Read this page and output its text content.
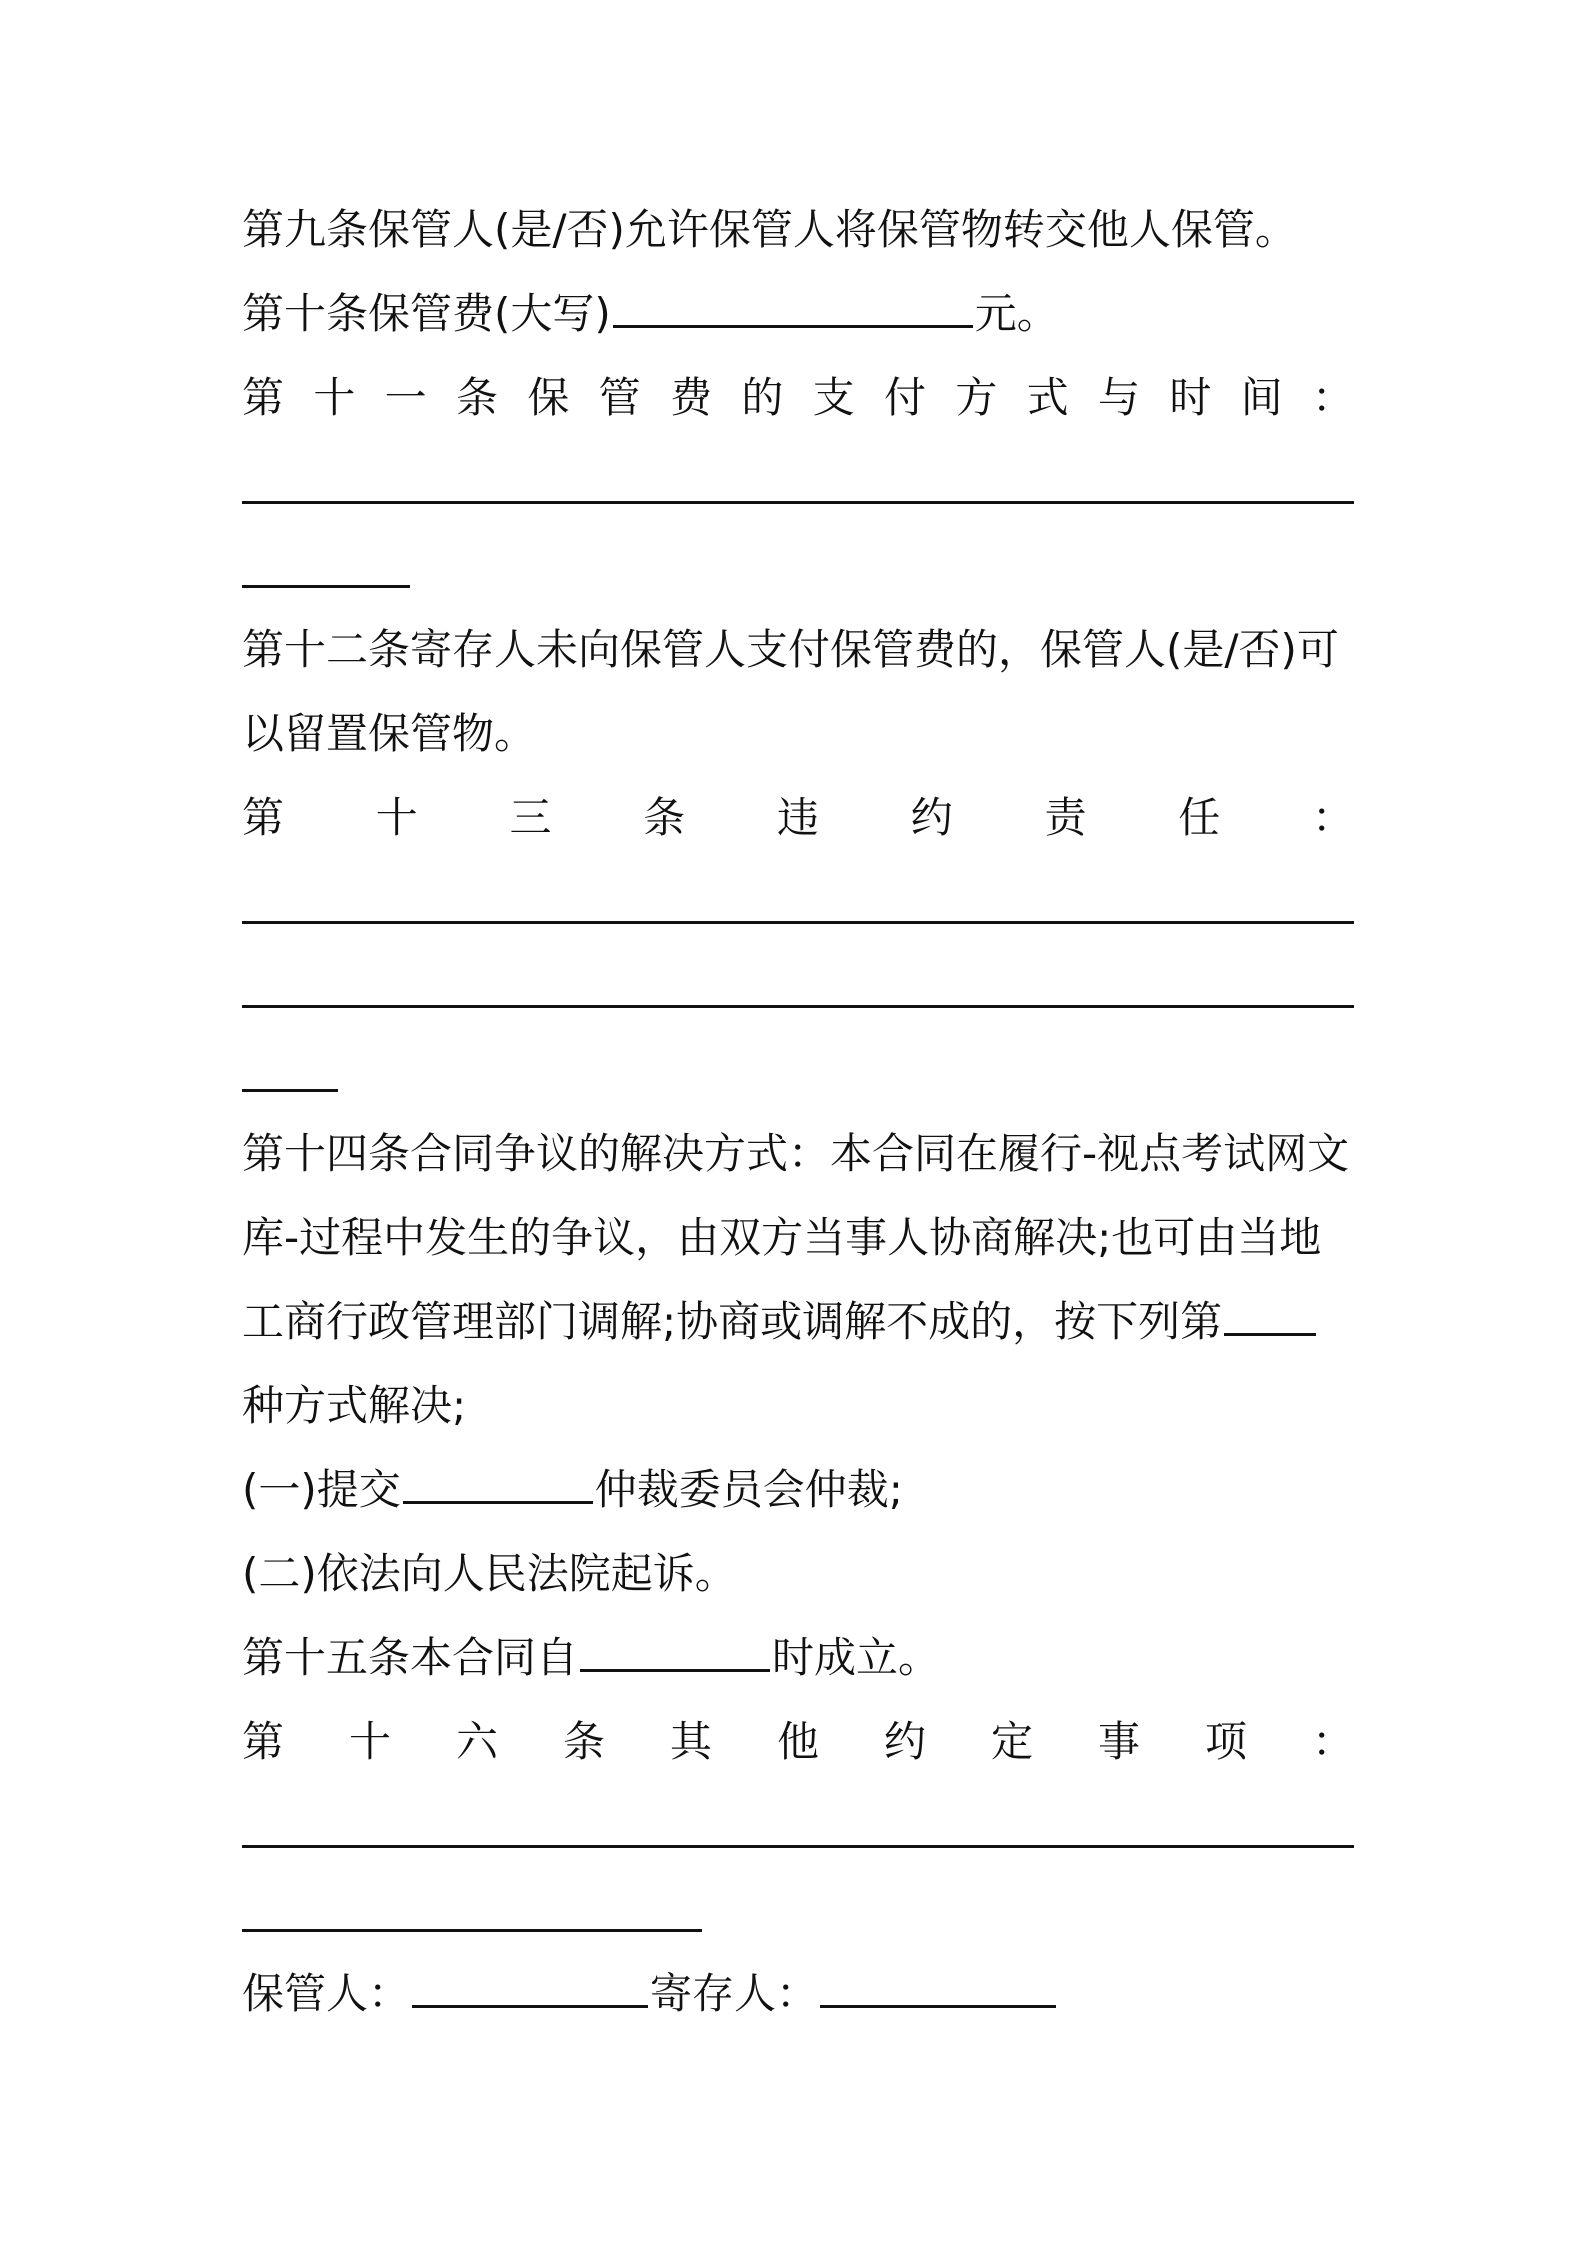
第九条保管人(是/否)允许保管人将保管物转交他人保管。
第十条保管费(大写)	元。
第十一条保管费的支付方式与时间：
第十二条寄存人未向保管人支付保管费的，保管人(是/否)可
以留置保管物。
第十三条违约责任：
第十四条合同争议的解决方式：本合同在履行-视点考试网文
库-过程中发生的争议，由双方当事人协商解决;也可由当地
工商行政管理部门调解;协商或调解不成的，按下列第
种方式解决;
(一)提交	仲裁委员会仲裁;
(二)依法向人民法院起诉。
第十五条本合同自	时成立。
第十六条其他约定事项：
保管人：	寄存人：
